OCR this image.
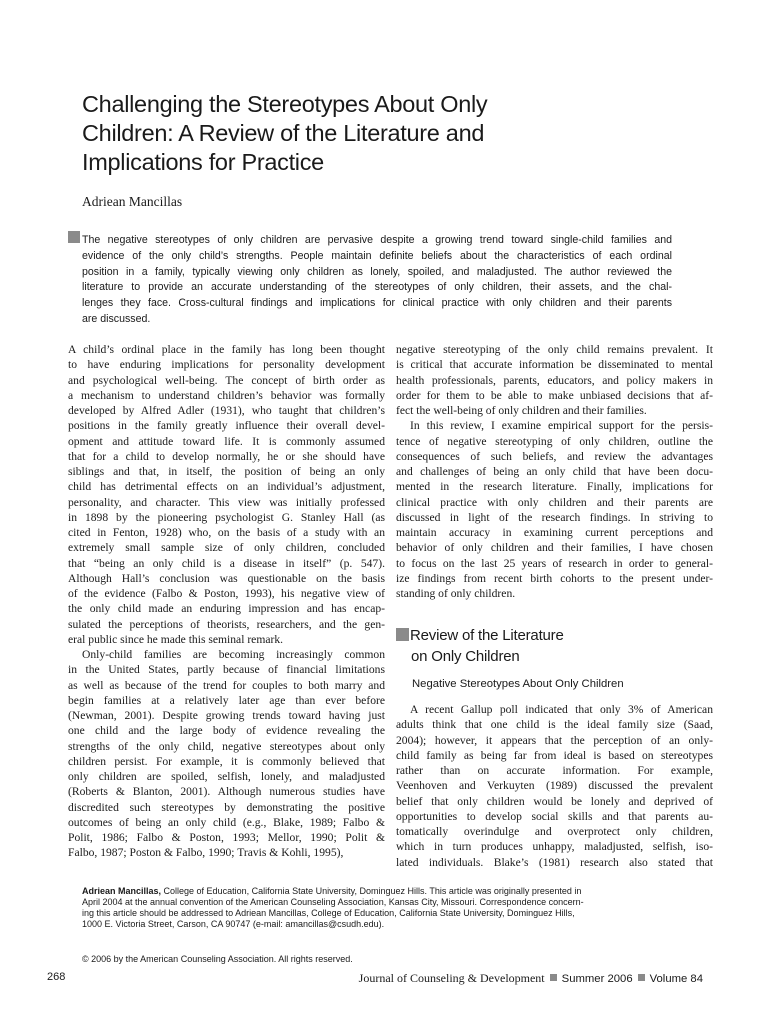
Challenging the Stereotypes About Only
Children: A Review of the Literature and
Implications for Practice
Adriean Mancillas
The negative stereotypes of only children are pervasive despite a growing trend toward single-child families and
evidence of the only child’s strengths. People maintain definite beliefs about the characteristics of each ordinal
position in a family, typically viewing only children as lonely, spoiled, and maladjusted. The author reviewed the
literature to provide an accurate understanding of the stereotypes of only children, their assets, and the chal-
lenges they face. Cross-cultural findings and implications for clinical practice with only children and their parents
are discussed.
A child’s ordinal place in the family has long been thought
to have enduring implications for personality development
and psychological well-being. The concept of birth order as
a mechanism to understand children’s behavior was formally
developed by Alfred Adler (1931), who taught that children’s
positions in the family greatly influence their overall devel-
opment and attitude toward life. It is commonly assumed
that for a child to develop normally, he or she should have
siblings and that, in itself, the position of being an only
child has detrimental effects on an individual’s adjustment,
personality, and character. This view was initially professed
in 1898 by the pioneering psychologist G. Stanley Hall (as
cited in Fenton, 1928) who, on the basis of a study with an
extremely small sample size of only children, concluded
that “being an only child is a disease in itself” (p. 547).
Although Hall’s conclusion was questionable on the basis
of the evidence (Falbo & Poston, 1993), his negative view of
the only child made an enduring impression and has encap-
sulated the perceptions of theorists, researchers, and the gen-
eral public since he made this seminal remark.
Only-child families are becoming increasingly common
in the United States, partly because of financial limitations
as well as because of the trend for couples to both marry and
begin families at a relatively later age than ever before
(Newman, 2001). Despite growing trends toward having just
one child and the large body of evidence revealing the
strengths of the only child, negative stereotypes about only
children persist. For example, it is commonly believed that
only children are spoiled, selfish, lonely, and maladjusted
(Roberts & Blanton, 2001). Although numerous studies have
discredited such stereotypes by demonstrating the positive
outcomes of being an only child (e.g., Blake, 1989; Falbo &
Polit, 1986; Falbo & Poston, 1993; Mellor, 1990; Polit &
Falbo, 1987; Poston & Falbo, 1990; Travis & Kohli, 1995),
negative stereotyping of the only child remains prevalent. It
is critical that accurate information be disseminated to mental
health professionals, parents, educators, and policy makers in
order for them to be able to make unbiased decisions that af-
fect the well-being of only children and their families.
In this review, I examine empirical support for the persis-
tence of negative stereotyping of only children, outline the
consequences of such beliefs, and review the advantages
and challenges of being an only child that have been docu-
mented in the research literature. Finally, implications for
clinical practice with only children and their parents are
discussed in light of the research findings. In striving to
maintain accuracy in examining current perceptions and
behavior of only children and their families, I have chosen
to focus on the last 25 years of research in order to general-
ize findings from recent birth cohorts to the present under-
standing of only children.
Review of the Literature
on Only Children
Negative Stereotypes About Only Children
A recent Gallup poll indicated that only 3% of American
adults think that one child is the ideal family size (Saad,
2004); however, it appears that the perception of an only-
child family as being far from ideal is based on stereotypes
rather than on accurate information. For example,
Veenhoven and Verkuyten (1989) discussed the prevalent
belief that only children would be lonely and deprived of
opportunities to develop social skills and that parents au-
tomatically overindulge and overprotect only children,
which in turn produces unhappy, maladjusted, selfish, iso-
lated individuals. Blake’s (1981) research also stated that
Adriean Mancillas, College of Education, California State University, Dominguez Hills. This article was originally presented in
April 2004 at the annual convention of the American Counseling Association, Kansas City, Missouri. Correspondence concern-
ing this article should be addressed to Adriean Mancillas, College of Education, California State University, Dominguez Hills,
1000 E. Victoria Street, Carson, CA 90747 (e-mail: amancillas@csudh.edu).
© 2006 by the American Counseling Association. All rights reserved.
268	Journal of Counseling & Development Summer 2006 Volume 84
